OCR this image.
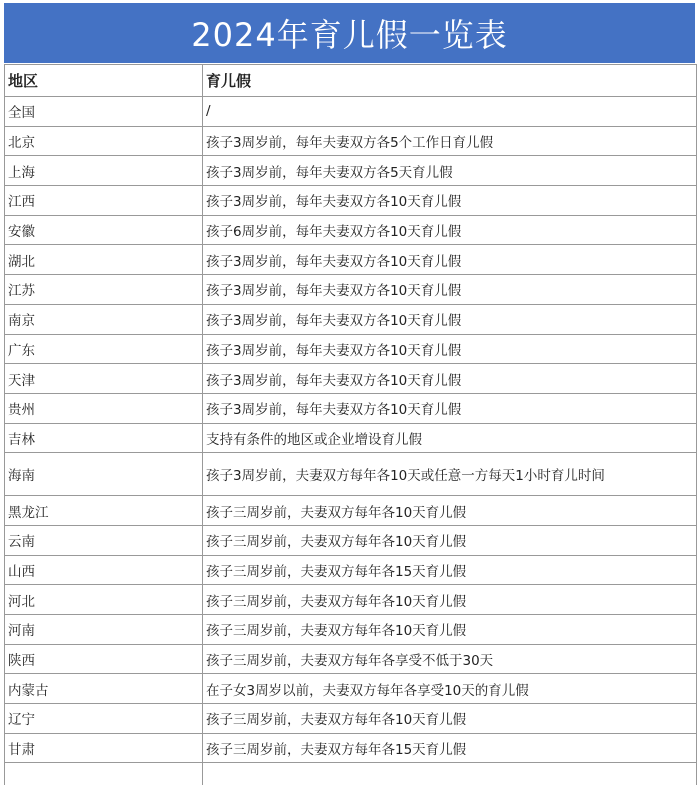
2024年育儿假一览表
地区	育儿假
全国	/
北京	孩子3周岁前，每年夫妻双方各5个工作日育儿假
上海	孩子3周岁前，每年夫妻双方各5天育儿假
江西	孩子3周岁前，每年夫妻双方各10天育儿假
安徽	孩子6周岁前，每年夫妻双方各10天育儿假
湖北	孩子3周岁前，每年夫妻双方各10天育儿假
江苏	孩子3周岁前，每年夫妻双方各10天育儿假
南京	孩子3周岁前，每年夫妻双方各10天育儿假
广东	孩子3周岁前，每年夫妻双方各10天育儿假
天津	孩子3周岁前，每年夫妻双方各10天育儿假
贵州	孩子3周岁前，每年夫妻双方各10天育儿假
吉林	支持有条件的地区或企业增设育儿假
海南	孩子3周岁前，夫妻双方每年各10天或任意一方每天1小时育儿时间
黑龙江	孩子三周岁前，夫妻双方每年各10天育儿假
云南	孩子三周岁前，夫妻双方每年各10天育儿假
山西	孩子三周岁前，夫妻双方每年各15天育儿假
河北	孩子三周岁前，夫妻双方每年各10天育儿假
河南	孩子三周岁前，夫妻双方每年各10天育儿假
陕西	孩子三周岁前，夫妻双方每年各享受不低于30天
内蒙古	在子女3周岁以前，夫妻双方每年各享受10天的育儿假
辽宁	孩子三周岁前，夫妻双方每年各10天育儿假
甘肃	孩子三周岁前，夫妻双方每年各15天育儿假
